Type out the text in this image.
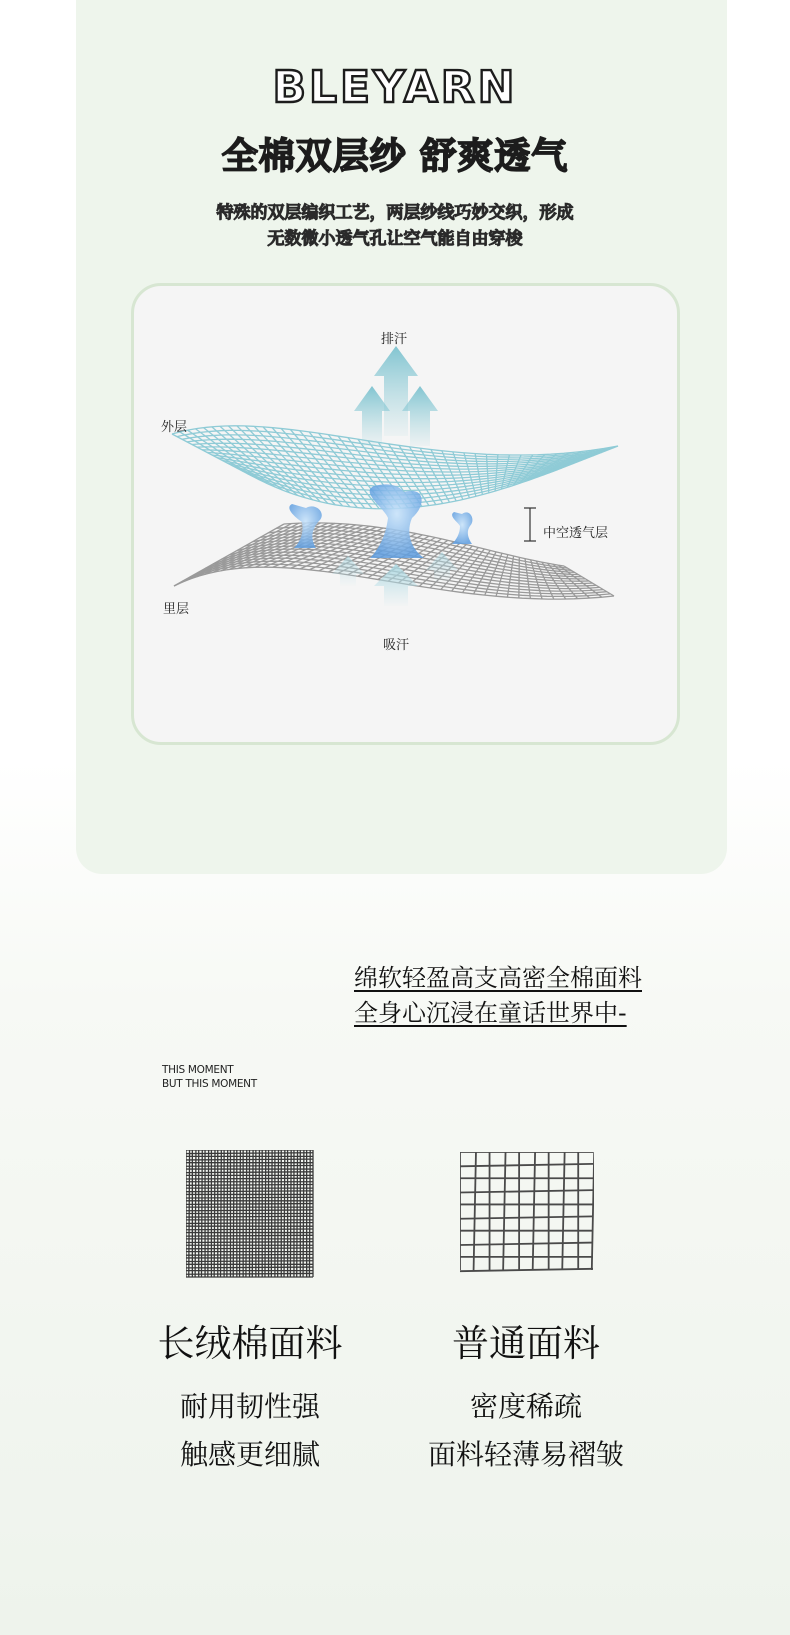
BLEYARN
全棉双层纱 舒爽透气
特殊的双层编织工艺，两层纱线巧妙交织，形成
无数微小透气孔让空气能自由穿梭
排汗
外层
中空透气层
里层
吸汗
绵软轻盈高支高密全棉面料
全身心沉浸在童话世界中-
THIS MOMENT
BUT THIS MOMENT
长绒棉面料
耐用韧性强
触感更细腻
普通面料
密度稀疏
面料轻薄易褶皱
